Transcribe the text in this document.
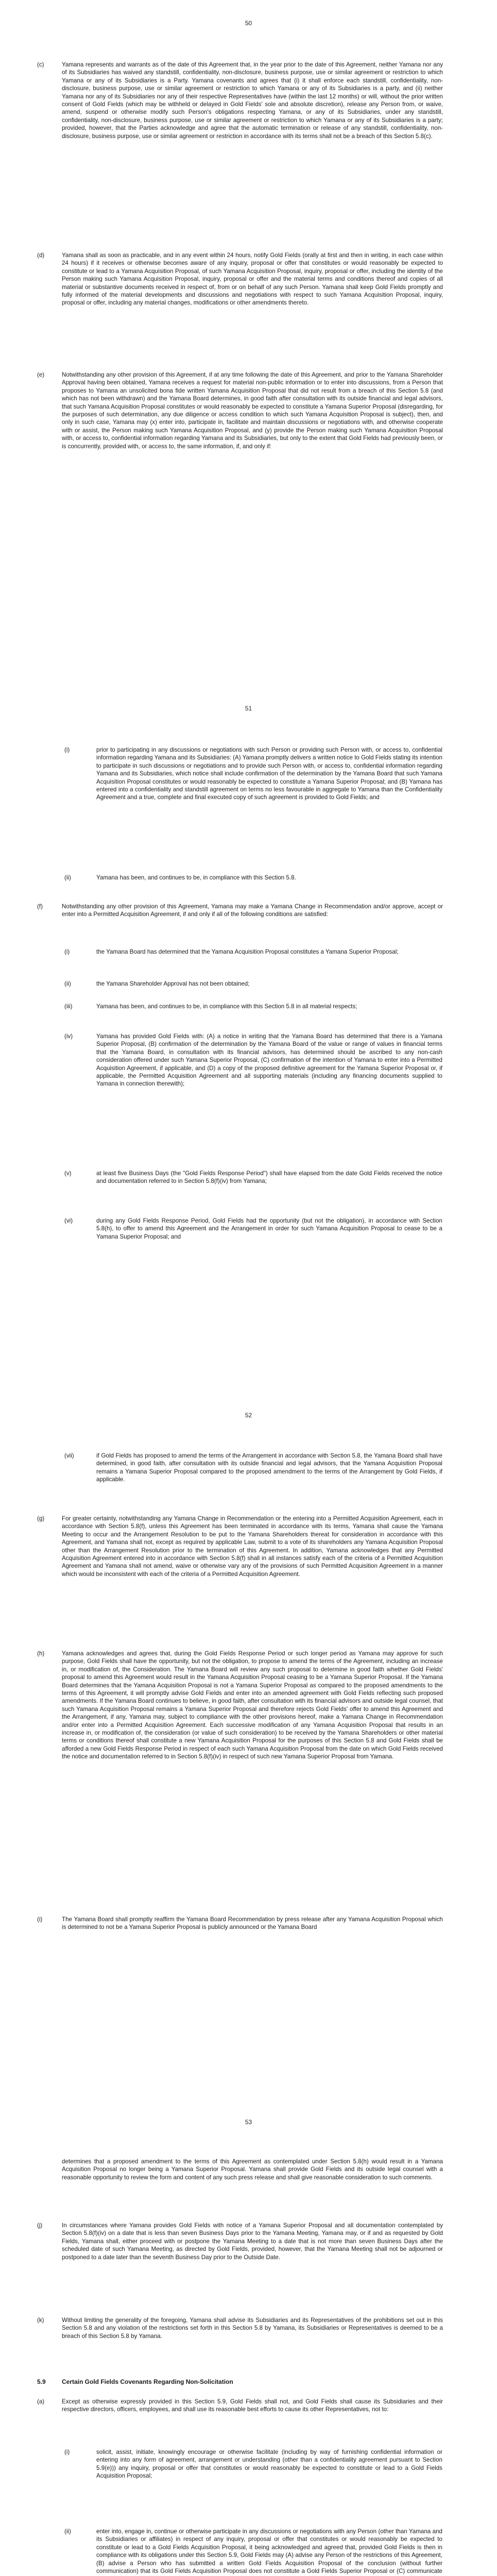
50
(c)	Yamana represents and warrants as of the date of this Agreement that, in the year prior to the date of this Agreement, neither Yamana nor any of its Subsidiaries has waived any standstill, confidentiality, non-disclosure, business purpose, use or similar agreement or restriction to which Yamana or any of its Subsidiaries is a Party. Yamana covenants and agrees that (i) it shall enforce each standstill, confidentiality, non-disclosure, business purpose, use or similar agreement or restriction to which Yamana or any of its Subsidiaries is a party, and (ii) neither Yamana nor any of its Subsidiaries nor any of their respective Representatives have (within the last 12 months) or will, without the prior written consent of Gold Fields (which may be withheld or delayed in Gold Fields' sole and absolute discretion), release any Person from, or waive, amend, suspend or otherwise modify such Person's obligations respecting Yamana, or any of its Subsidiaries, under any standstill, confidentiality, non-disclosure, business purpose, use or similar agreement or restriction to which Yamana or any of its Subsidiaries is a party; provided, however, that the Parties acknowledge and agree that the automatic termination or release of any standstill, confidentiality, non-disclosure, business purpose, use or similar agreement or restriction in accordance with its terms shall not be a breach of this Section 5.8(c).

(d)	Yamana shall as soon as practicable, and in any event within 24 hours, notify Gold Fields (orally at first and then in writing, in each case within 24 hours) if it receives or otherwise becomes aware of any inquiry, proposal or offer that constitutes or would reasonably be expected to constitute or lead to a Yamana Acquisition Proposal, of such Yamana Acquisition Proposal, inquiry, proposal or offer, including the identity of the Person making such Yamana Acquisition Proposal, inquiry, proposal or offer and the material terms and conditions thereof and copies of all material or substantive documents received in respect of, from or on behalf of any such Person. Yamana shall keep Gold Fields promptly and fully informed of the material developments and discussions and negotiations with respect to such Yamana Acquisition Proposal, inquiry, proposal or offer, including any material changes, modifications or other amendments thereto.

(e)	Notwithstanding any other provision of this Agreement, if at any time following the date of this Agreement, and prior to the Yamana Shareholder Approval having been obtained, Yamana receives a request for material non-public information or to enter into discussions, from a Person that proposes to Yamana an unsolicited bona fide written Yamana Acquisition Proposal that did not result from a breach of this Section 5.8 (and which has not been withdrawn) and the Yamana Board determines, in good faith after consultation with its outside financial and legal advisors, that such Yamana Acquisition Proposal constitutes or would reasonably be expected to constitute a Yamana Superior Proposal (disregarding, for the purposes of such determination, any due diligence or access condition to which such Yamana Acquisition Proposal is subject), then, and only in such case, Yamana may (x) enter into, participate in, facilitate and maintain discussions or negotiations with, and otherwise cooperate with or assist, the Person making such Yamana Acquisition Proposal, and (y) provide the Person making such Yamana Acquisition Proposal with, or access to, confidential information regarding Yamana and its Subsidiaries, but only to the extent that Gold Fields had previously been, or is concurrently, provided with, or access to, the same information, if, and only if:

51
(i)	prior to participating in any discussions or negotiations with such Person or providing such Person with, or access to, confidential information regarding Yamana and its Subsidiaries: (A) Yamana promptly delivers a written notice to Gold Fields stating its intention to participate in such discussions or negotiations and to provide such Person with, or access to, confidential information regarding Yamana and its Subsidiaries, which notice shall include confirmation of the determination by the Yamana Board that such Yamana Acquisition Proposal constitutes or would reasonably be expected to constitute a Yamana Superior Proposal; and (B) Yamana has entered into a confidentiality and standstill agreement on terms no less favourable in aggregate to Yamana than the Confidentiality Agreement and a true, complete and final executed copy of such agreement is provided to Gold Fields; and

(ii)	Yamana has been, and continues to be, in compliance with this Section 5.8.

(f)	Notwithstanding any other provision of this Agreement, Yamana may make a Yamana Change in Recommendation and/or approve, accept or enter into a Permitted Acquisition Agreement, if and only if all of the following conditions are satisfied:

(i)	the Yamana Board has determined that the Yamana Acquisition Proposal constitutes a Yamana Superior Proposal;

(ii)	the Yamana Shareholder Approval has not been obtained;

(iii)	Yamana has been, and continues to be, in compliance with this Section 5.8 in all material respects;

(iv)	Yamana has provided Gold Fields with: (A) a notice in writing that the Yamana Board has determined that there is a Yamana Superior Proposal, (B) confirmation of the determination by the Yamana Board of the value or range of values in financial terms that the Yamana Board, in consultation with its financial advisors, has determined should be ascribed to any non-cash consideration offered under such Yamana Superior Proposal, (C) confirmation of the intention of Yamana to enter into a Permitted Acquisition Agreement, if applicable, and (D) a copy of the proposed definitive agreement for the Yamana Superior Proposal or, if applicable, the Permitted Acquisition Agreement and all supporting materials (including any financing documents supplied to Yamana in connection therewith);

(v)	at least five Business Days (the "Gold Fields Response Period") shall have elapsed from the date Gold Fields received the notice and documentation referred to in Section 5.8(f)(iv) from Yamana;

(vi)	during any Gold Fields Response Period, Gold Fields had the opportunity (but not the obligation), in accordance with Section 5.8(h), to offer to amend this Agreement and the Arrangement in order for such Yamana Acquisition Proposal to cease to be a Yamana Superior Proposal; and

52
(vii)	if Gold Fields has proposed to amend the terms of the Arrangement in accordance with Section 5.8, the Yamana Board shall have determined, in good faith, after consultation with its outside financial and legal advisors, that the Yamana Acquisition Proposal remains a Yamana Superior Proposal compared to the proposed amendment to the terms of the Arrangement by Gold Fields, if applicable.

(g)	For greater certainty, notwithstanding any Yamana Change in Recommendation or the entering into a Permitted Acquisition Agreement, each in accordance with Section 5.8(f), unless this Agreement has been terminated in accordance with its terms, Yamana shall cause the Yamana Meeting to occur and the Arrangement Resolution to be put to the Yamana Shareholders thereat for consideration in accordance with this Agreement, and Yamana shall not, except as required by applicable Law, submit to a vote of its shareholders any Yamana Acquisition Proposal other than the Arrangement Resolution prior to the termination of this Agreement. In addition, Yamana acknowledges that any Permitted Acquisition Agreement entered into in accordance with Section 5.8(f) shall in all instances satisfy each of the criteria of a Permitted Acquisition Agreement and Yamana shall not amend, waive or otherwise vary any of the provisions of such Permitted Acquisition Agreement in a manner which would be inconsistent with each of the criteria of a Permitted Acquisition Agreement.

(h)	Yamana acknowledges and agrees that, during the Gold Fields Response Period or such longer period as Yamana may approve for such purpose, Gold Fields shall have the opportunity, but not the obligation, to propose to amend the terms of the Agreement, including an increase in, or modification of, the Consideration. The Yamana Board will review any such proposal to determine in good faith whether Gold Fields' proposal to amend this Agreement would result in the Yamana Acquisition Proposal ceasing to be a Yamana Superior Proposal. If the Yamana Board determines that the Yamana Acquisition Proposal is not a Yamana Superior Proposal as compared to the proposed amendments to the terms of this Agreement, it will promptly advise Gold Fields and enter into an amended agreement with Gold Fields reflecting such proposed amendments. If the Yamana Board continues to believe, in good faith, after consultation with its financial advisors and outside legal counsel, that such Yamana Acquisition Proposal remains a Yamana Superior Proposal and therefore rejects Gold Fields' offer to amend this Agreement and the Arrangement, if any, Yamana may, subject to compliance with the other provisions hereof, make a Yamana Change in Recommendation and/or enter into a Permitted Acquisition Agreement. Each successive modification of any Yamana Acquisition Proposal that results in an increase in, or modification of, the consideration (or value of such consideration) to be received by the Yamana Shareholders or other material terms or conditions thereof shall constitute a new Yamana Acquisition Proposal for the purposes of this Section 5.8 and Gold Fields shall be afforded a new Gold Fields Response Period in respect of each such Yamana Acquisition Proposal from the date on which Gold Fields received the notice and documentation referred to in Section 5.8(f)(iv) in respect of such new Yamana Superior Proposal from Yamana.

(i)	The Yamana Board shall promptly reaffirm the Yamana Board Recommendation by press release after any Yamana Acquisition Proposal which is determined to not be a Yamana Superior Proposal is publicly announced or the Yamana Board

53

determines that a proposed amendment to the terms of this Agreement as contemplated under Section 5.8(h) would result in a Yamana Acquisition Proposal no longer being a Yamana Superior Proposal. Yamana shall provide Gold Fields and its outside legal counsel with a reasonable opportunity to review the form and content of any such press release and shall give reasonable consideration to such comments.

(j)	In circumstances where Yamana provides Gold Fields with notice of a Yamana Superior Proposal and all documentation contemplated by Section 5.8(f)(iv) on a date that is less than seven Business Days prior to the Yamana Meeting, Yamana may, or if and as requested by Gold Fields, Yamana shall, either proceed with or postpone the Yamana Meeting to a date that is not more than seven Business Days after the scheduled date of such Yamana Meeting, as directed by Gold Fields, provided, however, that the Yamana Meeting shall not be adjourned or postponed to a date later than the seventh Business Day prior to the Outside Date.

(k)	Without limiting the generality of the foregoing, Yamana shall advise its Subsidiaries and its Representatives of the prohibitions set out in this Section 5.8 and any violation of the restrictions set forth in this Section 5.8 by Yamana, its Subsidiaries or Representatives is deemed to be a breach of this Section 5.8 by Yamana.

5.9	Certain Gold Fields Covenants Regarding Non-Solicitation
(a)	Except as otherwise expressly provided in this Section 5.9, Gold Fields shall not, and Gold Fields shall cause its Subsidiaries and their respective directors, officers, employees, and shall use its reasonable best efforts to cause its other Representatives, not to:

(i)	solicit, assist, initiate, knowingly encourage or otherwise facilitate (including by way of furnishing confidential information or entering into any form of agreement, arrangement or understanding (other than a confidentiality agreement pursuant to Section 5.9(e))) any inquiry, proposal or offer that constitutes or would reasonably be expected to constitute or lead to a Gold Fields Acquisition Proposal;

(ii)	enter into, engage in, continue or otherwise participate in any discussions or negotiations with any Person (other than Yamana and its Subsidiaries or affiliates) in respect of any inquiry, proposal or offer that constitutes or would reasonably be expected to constitute or lead to a Gold Fields Acquisition Proposal, it being acknowledged and agreed that, provided Gold Fields is then in compliance with its obligations under this Section 5.9, Gold Fields may (A) advise any Person of the restrictions of this Agreement, (B) advise a Person who has submitted a written Gold Fields Acquisition Proposal of the conclusion (without further communication) that its Gold Fields Acquisition Proposal does not constitute a Gold Fields Superior Proposal or (C) communicate
